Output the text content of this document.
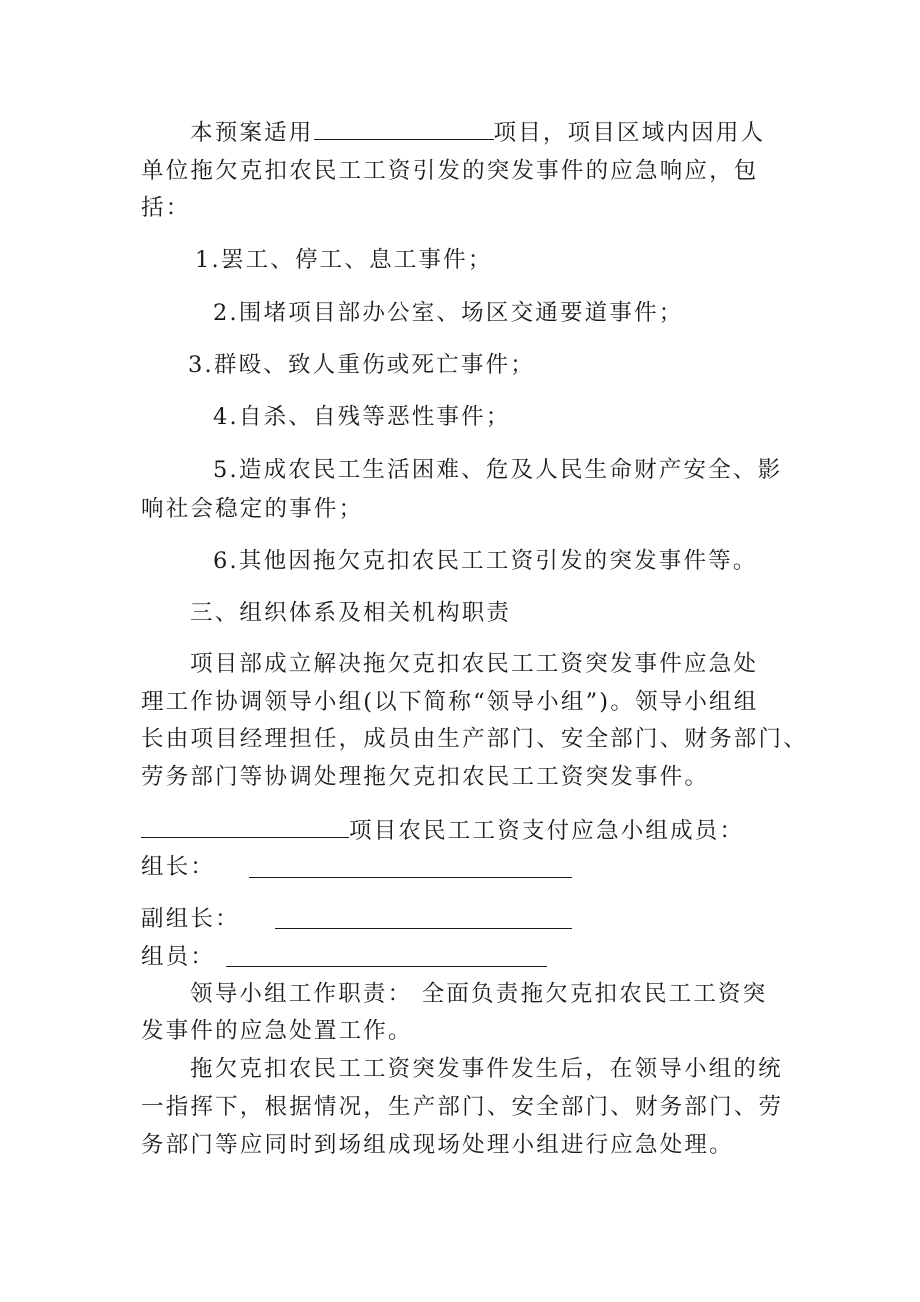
本预案适用	项目，项目区域内因用人
单位拖欠克扣农民工工资引发的突发事件的应急响应，包
括：
1.罢工、停工、息工事件；
2.围堵项目部办公室、场区交通要道事件；
3.群殴、致人重伤或死亡事件；
4.自杀、自残等恶性事件；
5.造成农民工生活困难、危及人民生命财产安全、影
响社会稳定的事件；
6.其他因拖欠克扣农民工工资引发的突发事件等。
三、组织体系及相关机构职责
项目部成立解决拖欠克扣农民工工资突发事件应急处
理工作协调领导小组(以下简称“领导小组”)。领导小组组
长由项目经理担任，成员由生产部门、安全部门、财务部门、
劳务部门等协调处理拖欠克扣农民工工资突发事件。
项目农民工工资支付应急小组成员：
组长：
副组长：
组员：
领导小组工作职责： 全面负责拖欠克扣农民工工资突
发事件的应急处置工作。
拖欠克扣农民工工资突发事件发生后，在领导小组的统
一指挥下，根据情况，生产部门、安全部门、财务部门、劳
务部门等应同时到场组成现场处理小组进行应急处理。
